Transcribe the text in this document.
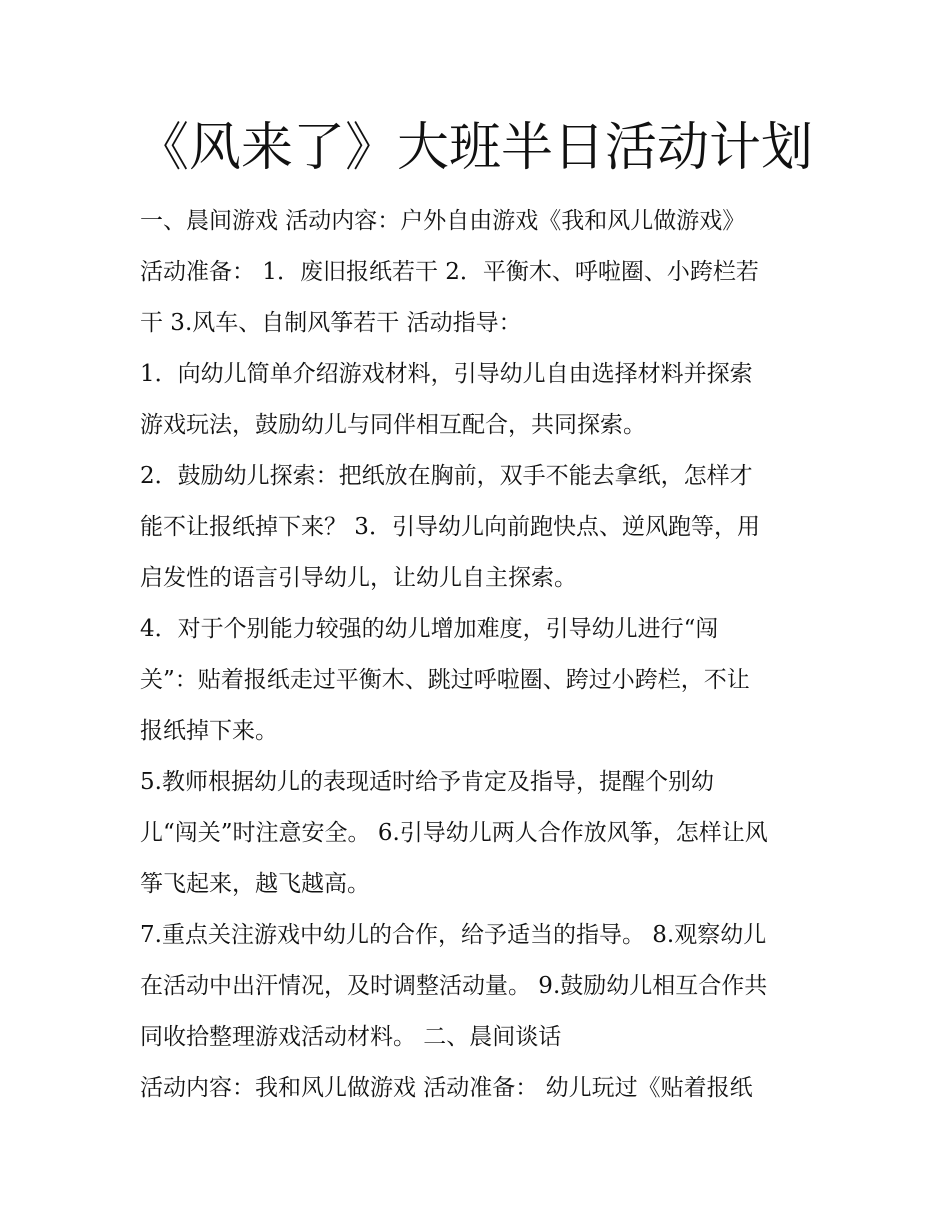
《风来了》大班半日活动计划
一、晨间游戏 活动内容：户外自由游戏《我和风儿做游戏》
活动准备： 1．废旧报纸若干 2．平衡木、呼啦圈、小跨栏若
干 3.风车、自制风筝若干 活动指导：
1．向幼儿简单介绍游戏材料，引导幼儿自由选择材料并探索
游戏玩法，鼓励幼儿与同伴相互配合，共同探索。
2．鼓励幼儿探索：把纸放在胸前，双手不能去拿纸，怎样才
能不让报纸掉下来？ 3．引导幼儿向前跑快点、逆风跑等，用
启发性的语言引导幼儿，让幼儿自主探索。
4．对于个别能力较强的幼儿增加难度，引导幼儿进行“闯
关”：贴着报纸走过平衡木、跳过呼啦圈、跨过小跨栏，不让
报纸掉下来。
5.教师根据幼儿的表现适时给予肯定及指导，提醒个别幼
儿“闯关”时注意安全。 6.引导幼儿两人合作放风筝，怎样让风
筝飞起来，越飞越高。
7.重点关注游戏中幼儿的合作，给予适当的指导。 8.观察幼儿
在活动中出汗情况，及时调整活动量。 9.鼓励幼儿相互合作共
同收拾整理游戏活动材料。 二、晨间谈话
活动内容：我和风儿做游戏 活动准备： 幼儿玩过《贴着报纸
